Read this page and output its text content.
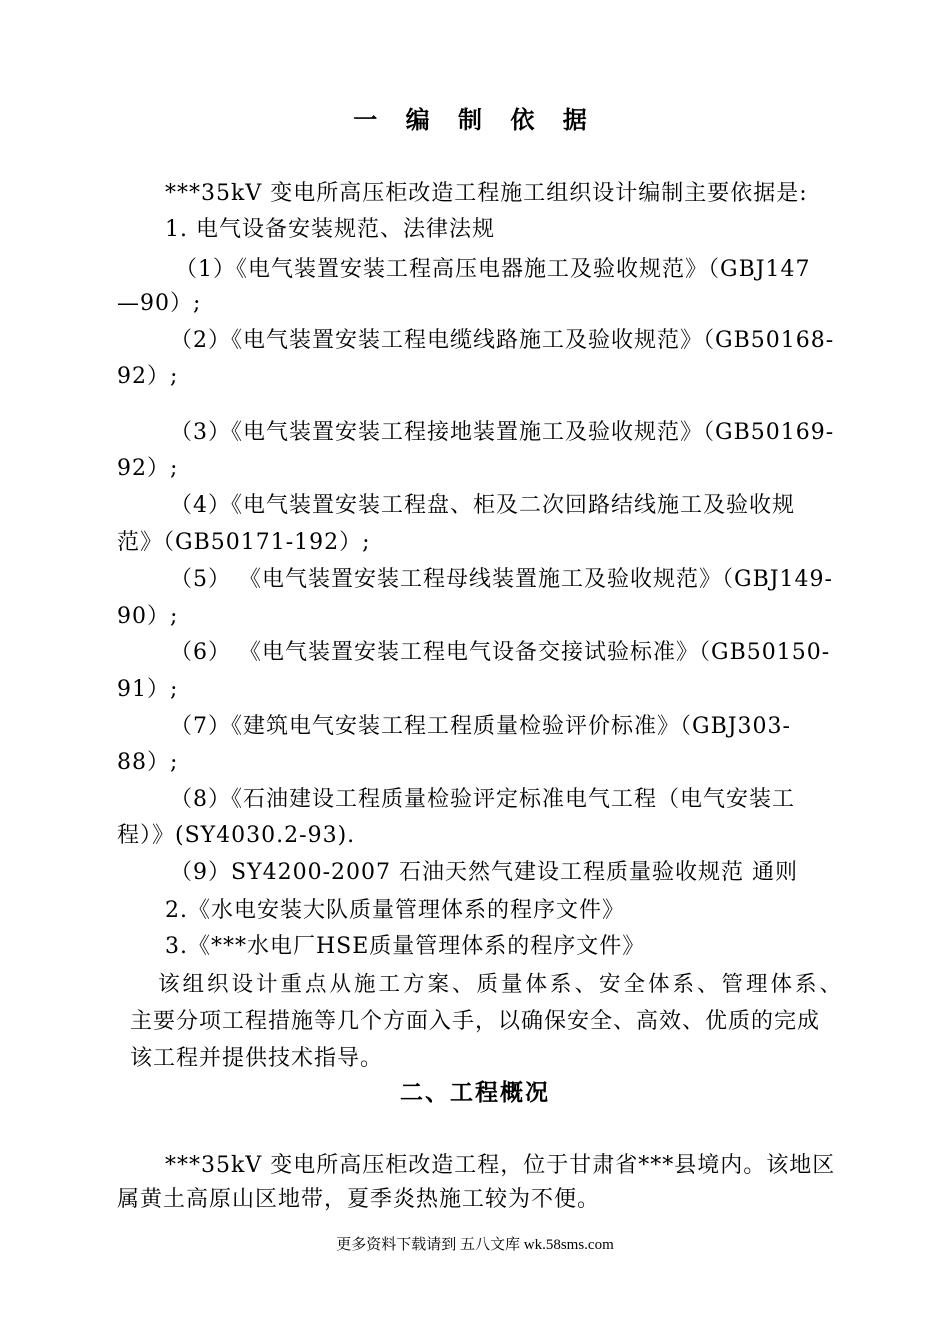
一 编 制 依 据
***35kV 变电所高压柜改造工程施工组织设计编制主要依据是:
1. 电气设备安装规范、法律法规
（1）《电气装置安装工程高压电器施工及验收规范》（GBJ147
—90）;
（2）《电气装置安装工程电缆线路施工及验收规范》（GB50168-
92）;
（3）《电气装置安装工程接地装置施工及验收规范》（GB50169-
92）;
（4）《电气装置安装工程盘、柜及二次回路结线施工及验收规
范》（GB50171-192）;
（5） 《电气装置安装工程母线装置施工及验收规范》（GBJ149-
90）;
（6） 《电气装置安装工程电气设备交接试验标准》（GB50150-
91）;
（7）《建筑电气安装工程工程质量检验评价标准》（GBJ303-
88）;
（8）《石油建设工程质量检验评定标准电气工程（电气安装工
程）》(SY4030.2-93).
（9）SY4200-2007 石油天然气建设工程质量验收规范 通则
2.《水电安装大队质量管理体系的程序文件》
3.《***水电厂HSE质量管理体系的程序文件》
该组织设计重点从施工方案、质量体系、安全体系、管理体系、
主要分项工程措施等几个方面入手，以确保安全、高效、优质的完成
该工程并提供技术指导。
二、工程概况
***35kV 变电所高压柜改造工程，位于甘肃省***县境内。该地区
属黄土高原山区地带，夏季炎热施工较为不便。
更多资料下载请到 五八文库 wk.58sms.com
